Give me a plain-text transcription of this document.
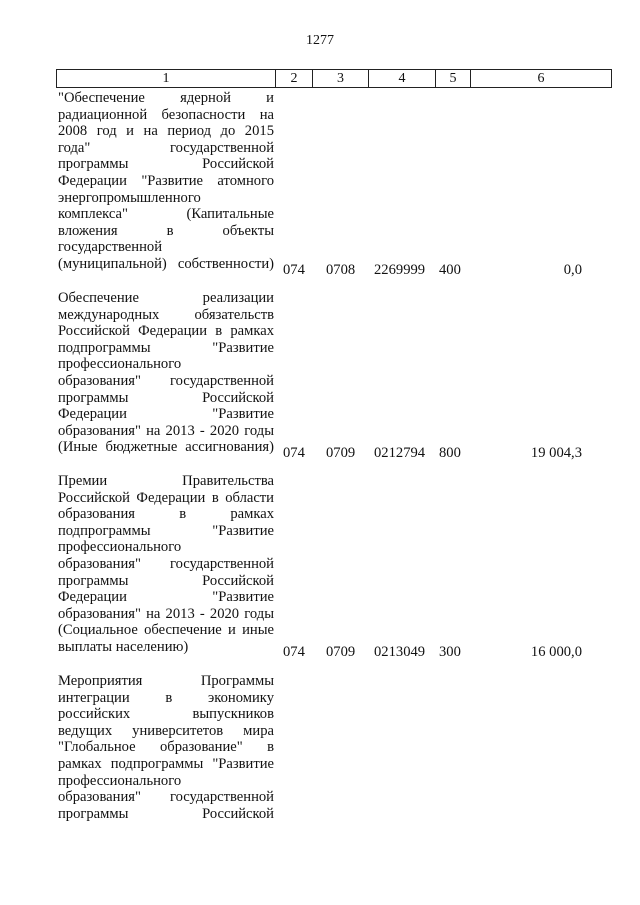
1277
1	2	3	4	5	6
"Обеспечение ядерной и
радиационной безопасности на
2008 год и на период до 2015
года" государственной
программы Российской
Федерации "Развитие атомного
энергопромышленного
комплекса" (Капитальные
вложения в объекты
государственной
(муниципальной) собственности) 074 0708 2269999 400	0,0
Обеспечение реализации
международных обязательств
Российской Федерации в рамках
подпрограммы "Развитие
профессионального
образования" государственной
программы Российской
Федерации "Развитие
образования" на 2013 - 2020 годы
(Иные бюджетные ассигнования) 074 0709 0212794 800	19 004,3
Премии Правительства
Российской Федерации в области
образования в рамках
подпрограммы "Развитие
профессионального
образования" государственной
программы Российской
Федерации "Развитие
образования" на 2013 - 2020 годы
(Социальное обеспечение и иные
выплаты населению)	074 0709 0213049 300	16 000,0
Мероприятия Программы
интеграции в экономику
российских выпускников
ведущих университетов мира
"Глобальное образование" в
рамках подпрограммы "Развитие
профессионального
образования" государственной
программы Российской
